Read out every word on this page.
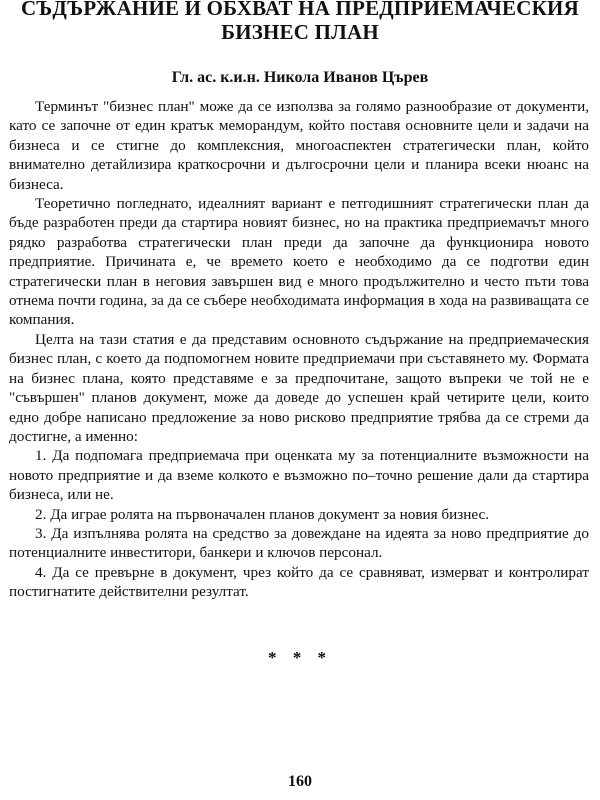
СЪДЪРЖАНИЕ И ОБХВАТ НА ПРЕДПРИЕМАЧЕСКИЯ
БИЗНЕС ПЛАН
Гл. ас. к.и.н. Никола Иванов Църев

Терминът "бизнес план" може да се използва за голямо разнообразие от документи, като се започне от един кратък меморандум, който поставя основните цели и задачи на бизнеса и се стигне до комплексния, многоаспектен стратегически план, който внимателно детайлизира краткосрочни и дългосрочни цели и планира всеки нюанс на бизнеса.

Теоретично погледнато, идеалният вариант е петгодишният стратегически план да бъде разработен преди да стартира новият бизнес, но на практика предприемачът много рядко разработва стратегически план преди да започне да функционира новото предприятие. Причината е, че времето което е необходимо да се подготви един стратегически план в неговия завършен вид е много продължително и често пъти това отнема почти година, за да се събере необходимата информация в хода на развиващата се компания.

Целта на тази статия е да представим основното съдържание на предприемаческия бизнес план, с което да подпомогнем новите предприемачи при съставянето му. Формата на бизнес плана, която представяме е за предпочитане, защото въпреки че той не е "съвършен" планов документ, може да доведе до успешен край четирите цели, които едно добре написано предложение за ново рисково предприятие трябва да се стреми да достигне, а именно:

1. Да подпомага предприемача при оценката му за потенциалните възможности на новото предприятие и да вземе колкото е възможно по–точно решение дали да стартира бизнеса, или не.

2. Да играе ролята на първоначален планов документ за новия бизнес.

3. Да изпълнява ролята на средство за довеждане на идеята за ново предприятие до потенциалните инвеститори, банкери и ключов персонал.

4. Да се превърне в документ, чрез който да се сравняват, измерват и контролират постигнатите действителни резултат.

* * *
160
